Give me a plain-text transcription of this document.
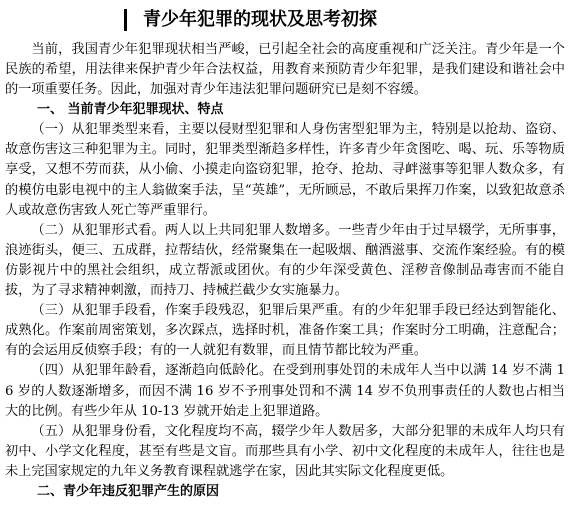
青少年犯罪的现状及思考初探

当前，我国青少年犯罪现状相当严峻，已引起全社会的高度重视和广泛关注。青少年是一个民族的希望，用法律来保护青少年合法权益，用教育来预防青少年犯罪，是我们建设和谐社会中的一项重要任务。因此，加强对青少年违法犯罪问题研究已是刻不容缓。

一、 当前青少年犯罪现状、特点

（一）从犯罪类型来看，主要以侵财型犯罪和人身伤害型犯罪为主，特别是以抢劫、盗窃、故意伤害这三种犯罪为主。同时，犯罪类型渐趋多样性，许多青少年贪图吃、喝、玩、乐等物质享受，又想不劳而获，从小偷、小摸走向盗窃犯罪，抢夺、抢劫、寻衅滋事等犯罪人数众多，有的模仿电影电视中的主人翁做案手法，呈“英雄”，无所顾忌，不敢后果挥刀作案，以致犯故意杀人或故意伤害致人死亡等严重罪行。

（二）从犯罪形式看。两人以上共同犯罪人数增多。一些青少年由于过早辍学，无所事事，浪迹街头，便三、五成群，拉帮结伙，经常聚集在一起吸烟、酗酒滋事、交流作案经验。有的模仿影视片中的黑社会组织，成立帮派或团伙。有的少年深受黄色、淫秽音像制品毒害而不能自拔，为了寻求精神刺激，而持刀、持械拦截少女实施暴力。

（三）从犯罪手段看，作案手段残忍，犯罪后果严重。有的少年犯罪手段已经达到智能化、成熟化。作案前周密策划，多次踩点，选择时机，准备作案工具；作案时分工明确，注意配合；有的会运用反侦察手段；有的一人就犯有数罪，而且情节都比较为严重。

（四）从犯罪年龄看，逐渐趋向低龄化。在受到刑事处罚的未成年人当中以满 14 岁不满 16 岁的人数逐渐增多，而因不满 16 岁不予刑事处罚和不满 14 岁不负刑事责任的人数也占相当大的比例。有些少年从 10-13 岁就开始走上犯罪道路。

（五）从犯罪身份看，文化程度均不高，辍学少年人数居多，大部分犯罪的未成年人均只有初中、小学文化程度，甚至有些是文盲。而那些具有小学、初中文化程度的未成年人，往往也是未上完国家规定的九年义务教育课程就逃学在家，因此其实际文化程度更低。

二、青少年违反犯罪产生的原因
